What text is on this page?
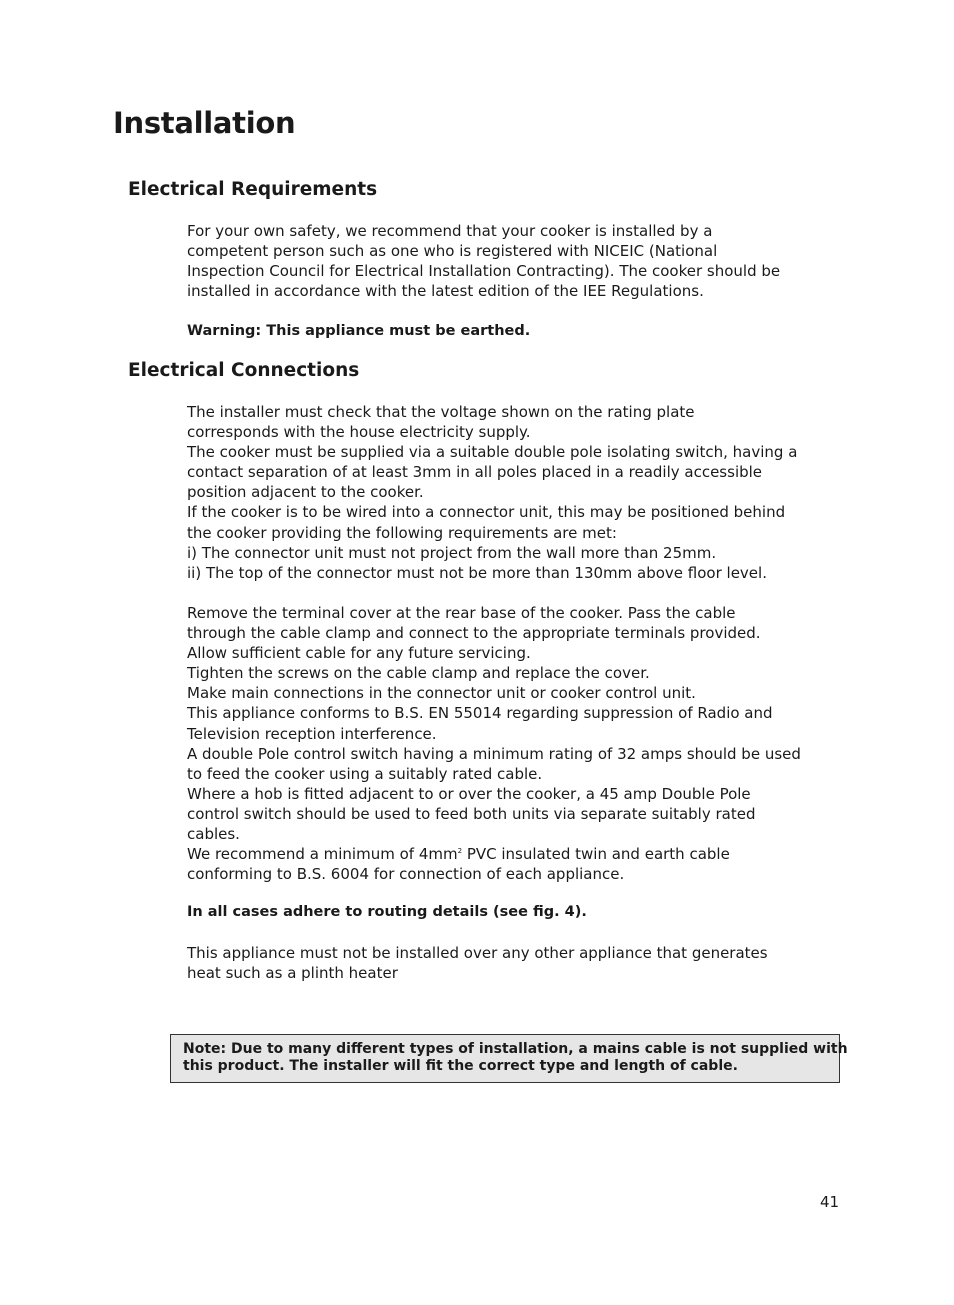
Installation
Electrical Requirements
For your own safety, we recommend that your cooker is installed by a
competent person such as one who is registered with NICEIC (National
Inspection Council for Electrical Installation Contracting). The cooker should be
installed in accordance with the latest edition of the IEE Regulations.

Warning: This appliance must be earthed.

Electrical Connections
The installer must check that the voltage shown on the rating plate
corresponds with the house electricity supply.
The cooker must be supplied via a suitable double pole isolating switch, having a
contact separation of at least 3mm in all poles placed in a readily accessible
position adjacent to the cooker.
If the cooker is to be wired into a connector unit, this may be positioned behind
the cooker providing the following requirements are met:
i) The connector unit must not project from the wall more than 25mm.
ii) The top of the connector must not be more than 130mm above floor level.
Remove the terminal cover at the rear base of the cooker. Pass the cable
through the cable clamp and connect to the appropriate terminals provided.
Allow sufficient cable for any future servicing.
Tighten the screws on the cable clamp and replace the cover.
Make main connections in the connector unit or cooker control unit.
This appliance conforms to B.S. EN 55014 regarding suppression of Radio and
Television reception interference.
A double Pole control switch having a minimum rating of 32 amps should be used
to feed the cooker using a suitably rated cable.
Where a hob is fitted adjacent to or over the cooker, a 45 amp Double Pole
control switch should be used to feed both units via separate suitably rated
cables.
We recommend a minimum of $4mm^2$ PVC insulated twin and earth cable
conforming to B.S. 6004 for connection of each appliance.

In all cases adhere to routing details (see fig. 4).

This appliance must not be installed over any other appliance that generates
heat such as a plinth heater
Note: Due to many different types of installation, a mains cable is not supplied with
this product. The installer will fit the correct type and length of cable.
41
